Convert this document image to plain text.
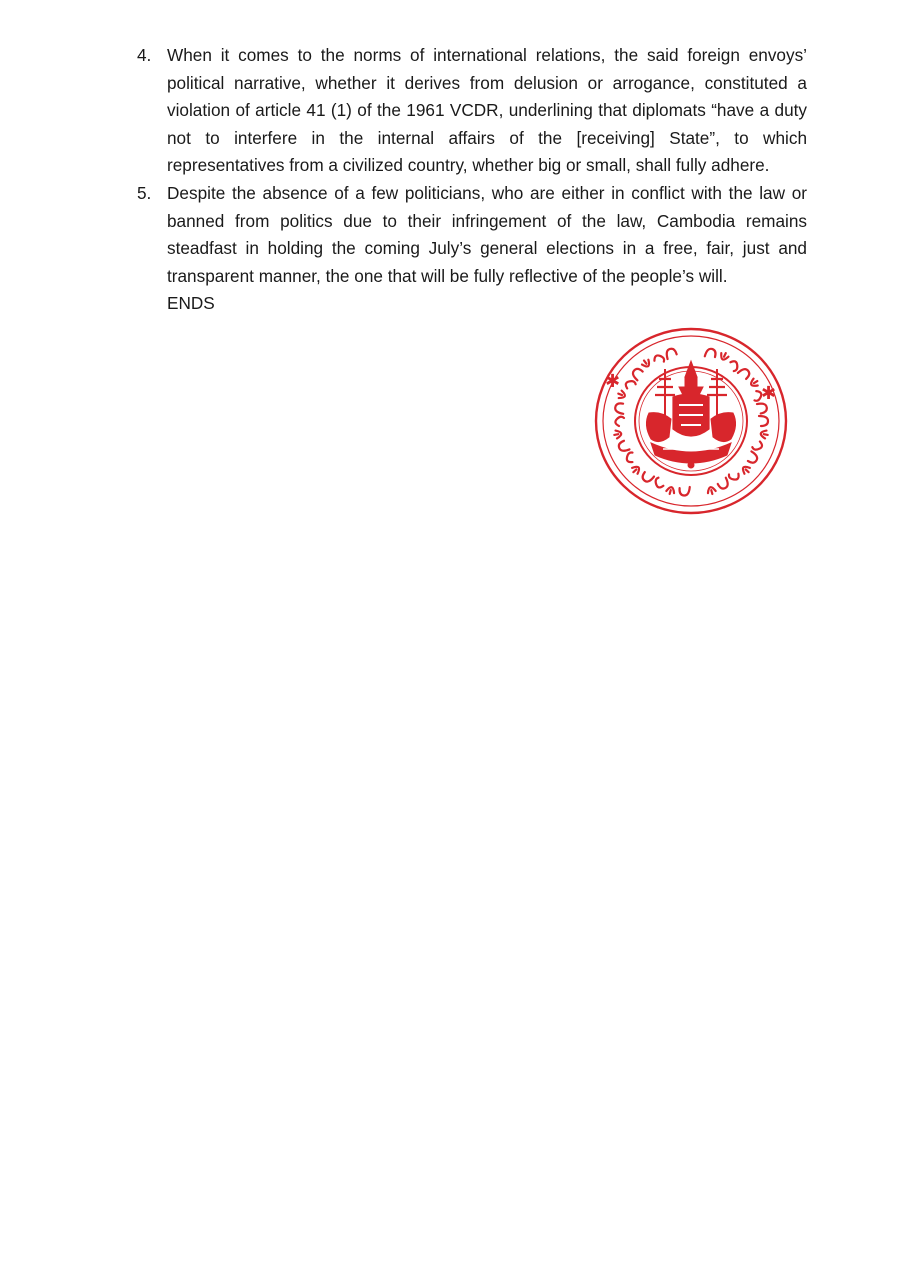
4. When it comes to the norms of international relations, the said foreign envoys’ political narrative, whether it derives from delusion or arrogance, constituted a violation of article 41 (1) of the 1961 VCDR, underlining that diplomats “have a duty not to interfere in the internal affairs of the [receiving] State”, to which representatives from a civilized country, whether big or small, shall fully adhere.
5. Despite the absence of a few politicians, who are either in conflict with the law or banned from politics due to their infringement of the law, Cambodia remains steadfast in holding the coming July’s general elections in a free, fair, just and transparent manner, the one that will be fully reflective of the people’s will.
ENDS
✱
✱
